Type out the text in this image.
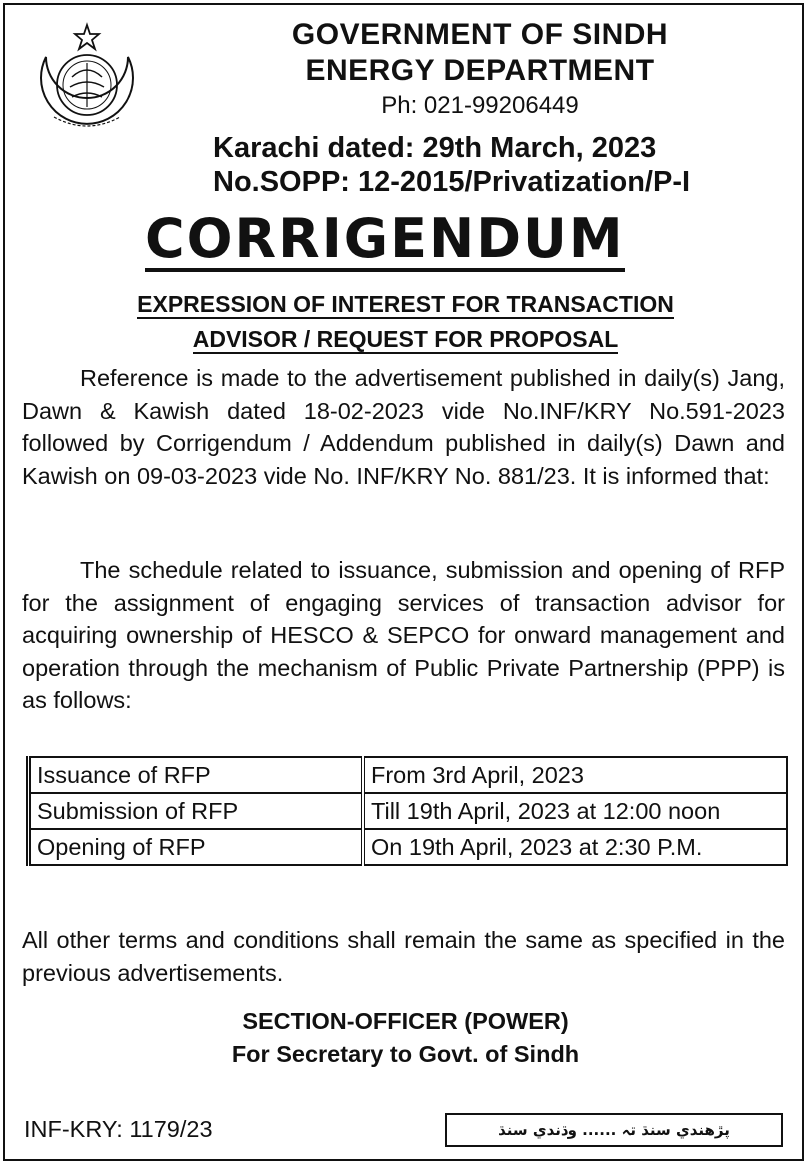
GOVERNMENT OF SINDH
ENERGY DEPARTMENT
Ph: 021-99206449
Karachi dated: 29th March, 2023
No.SOPP: 12-2015/Privatization/P-I
CORRIGENDUM
EXPRESSION OF INTEREST FOR TRANSACTION
ADVISOR / REQUEST FOR PROPOSAL
Reference is made to the advertisement published in daily(s) Jang, Dawn & Kawish dated 18-02-2023 vide No.INF/KRY No.591-2023 followed by Corrigendum / Addendum published in daily(s) Dawn and Kawish on 09-03-2023 vide No. INF/KRY No. 881/23. It is informed that:
The schedule related to issuance, submission and opening of RFP for the assignment of engaging services of transaction advisor for acquiring ownership of HESCO & SEPCO for onward management and operation through the mechanism of Public Private Partnership (PPP) is as follows:
Issuance of RFP	From 3rd April, 2023
Submission of RFP	Till 19th April, 2023 at 12:00 noon
Opening of RFP	On 19th April, 2023 at 2:30 P.M.
All other terms and conditions shall remain the same as specified in the previous advertisements.
SECTION-OFFICER (POWER)
For Secretary to Govt. of Sindh
INF-KRY: 1179/23	پڙهندي سنڌ تہ ...... وڌندي سنڌ
